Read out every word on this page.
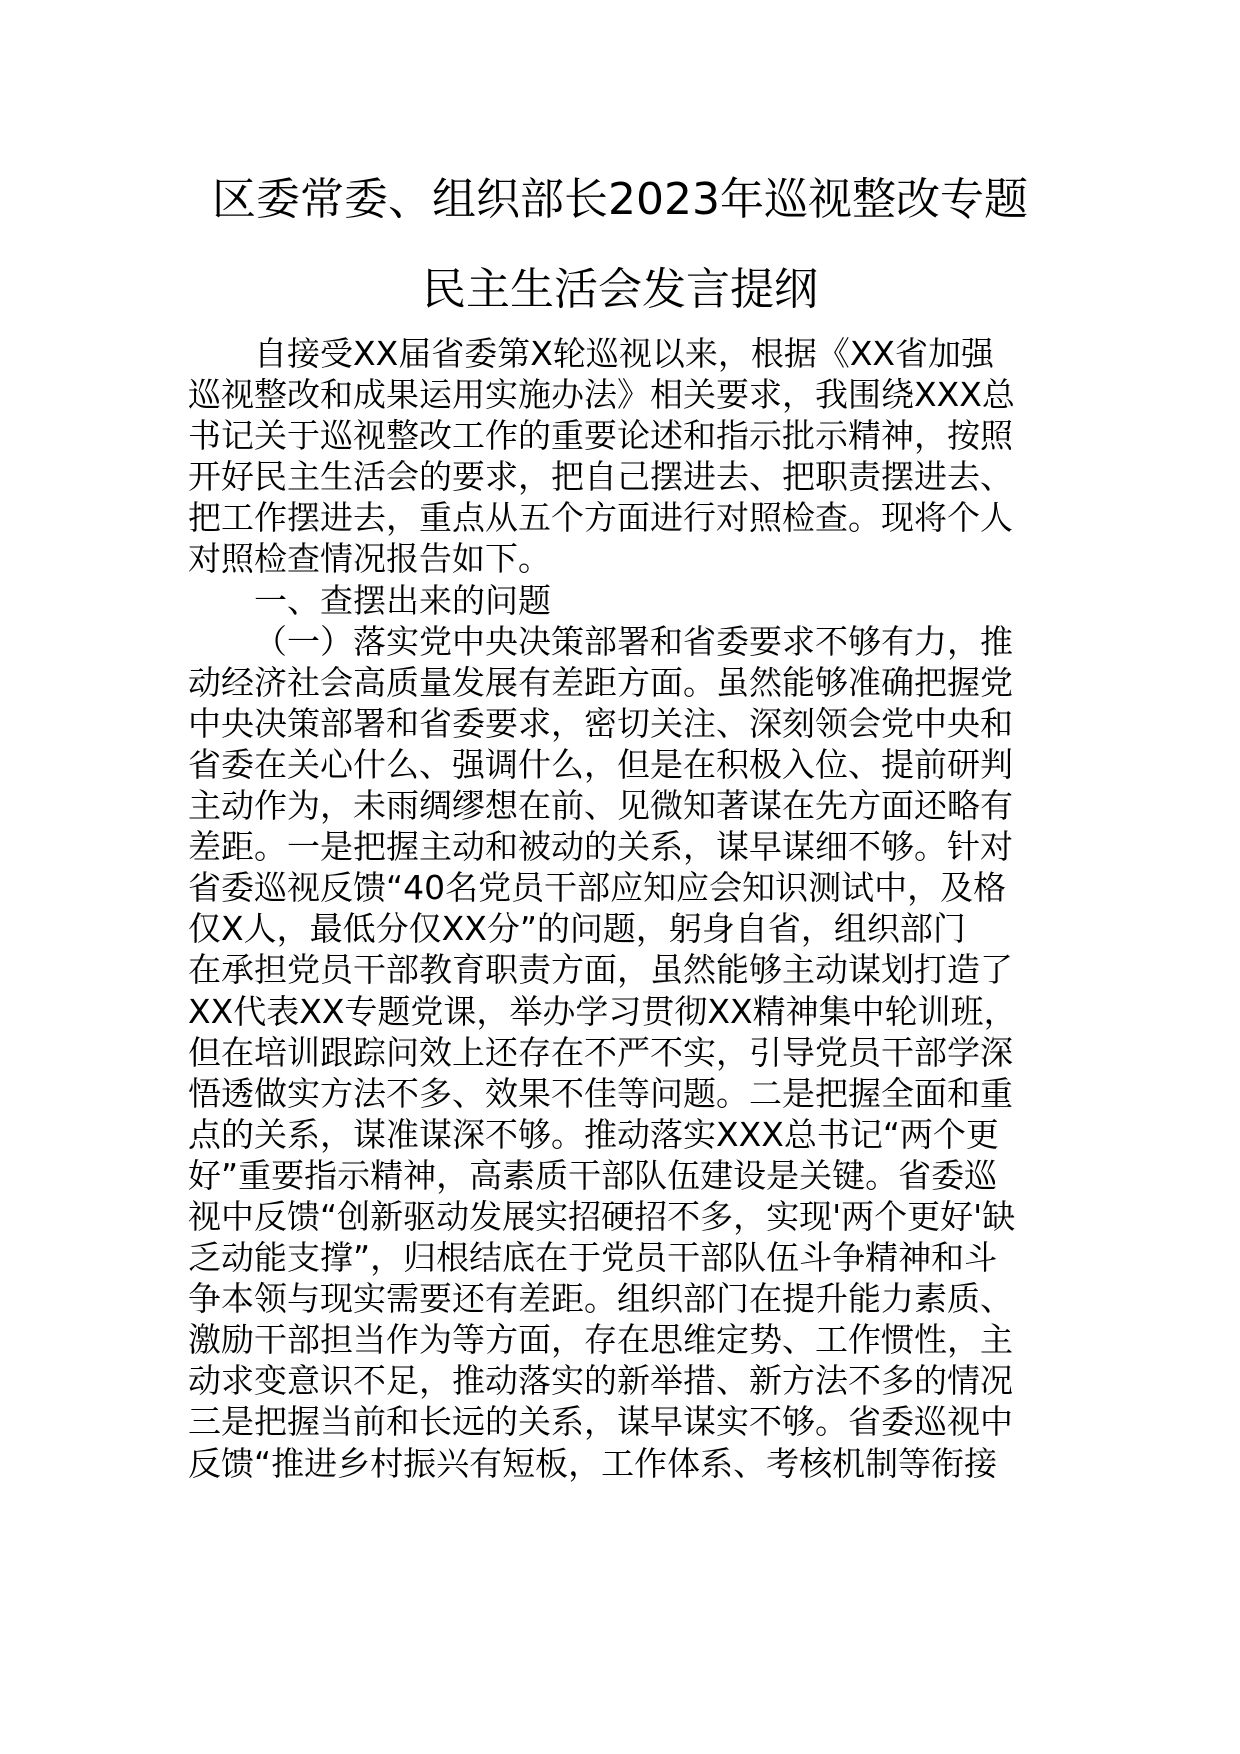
区委常委、组织部长2023年巡视整改专题
民主生活会发言提纲
自接受XX届省委第X轮巡视以来，根据《XX省加强
巡视整改和成果运用实施办法》相关要求，我围绕XXX总
书记关于巡视整改工作的重要论述和指示批示精神，按照
开好民主生活会的要求，把自己摆进去、把职责摆进去、
把工作摆进去，重点从五个方面进行对照检查。现将个人
对照检查情况报告如下。
一、查摆出来的问题
（一）落实党中央决策部署和省委要求不够有力，推
动经济社会高质量发展有差距方面。虽然能够准确把握党
中央决策部署和省委要求，密切关注、深刻领会党中央和
省委在关心什么、强调什么，但是在积极入位、提前研判
主动作为，未雨绸缪想在前、见微知著谋在先方面还略有
差距。一是把握主动和被动的关系，谋早谋细不够。针对
省委巡视反馈“40名党员干部应知应会知识测试中，及格
仅X人，最低分仅XX分”的问题，躬身自省，组织部门
在承担党员干部教育职责方面，虽然能够主动谋划打造了
XX代表XX专题党课，举办学习贯彻XX精神集中轮训班，
但在培训跟踪问效上还存在不严不实，引导党员干部学深
悟透做实方法不多、效果不佳等问题。二是把握全面和重
点的关系，谋准谋深不够。推动落实XXX总书记“两个更
好”重要指示精神，高素质干部队伍建设是关键。省委巡
视中反馈“创新驱动发展实招硬招不多，实现'两个更好'缺
乏动能支撑”，归根结底在于党员干部队伍斗争精神和斗
争本领与现实需要还有差距。组织部门在提升能力素质、
激励干部担当作为等方面，存在思维定势、工作惯性，主
动求变意识不足，推动落实的新举措、新方法不多的情况
三是把握当前和长远的关系，谋早谋实不够。省委巡视中
反馈“推进乡村振兴有短板，工作体系、考核机制等衔接
